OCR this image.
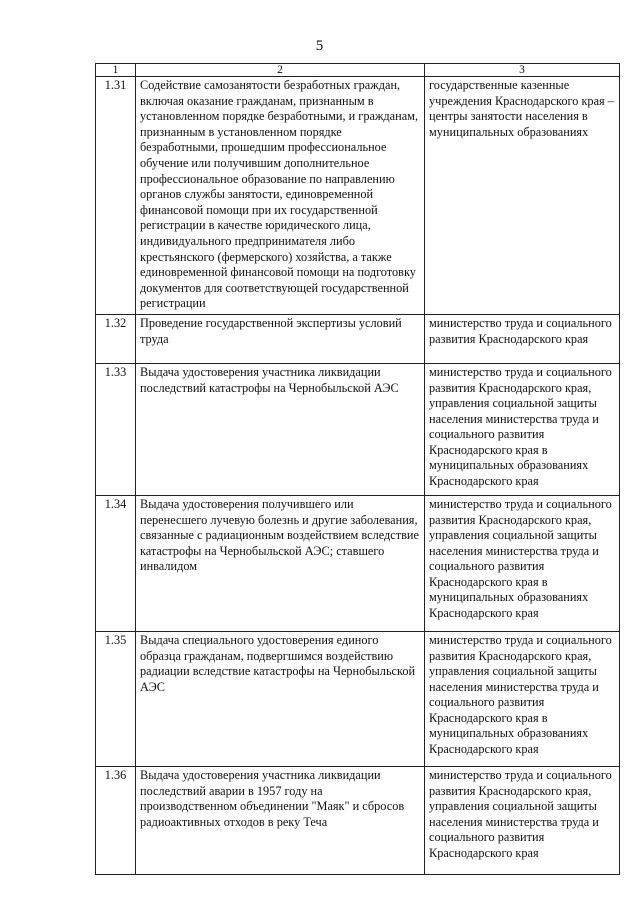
5
1	2	3
1.31	Содействие самозанятости безработных граждан, включая оказание гражданам, признанным в установленном порядке безработными, и гражданам, признанным в установленном порядке безработными, прошедшим профессиональное обучение или получившим дополнительное профессиональное образование по направлению органов службы занятости, единовременной финансовой помощи при их государственной регистрации в качестве юридического лица, индивидуального предпринимателя либо крестьянского (фермерского) хозяйства, а также единовременной финансовой помощи на подготовку документов для соответствующей государственной регистрации	государственные казенные учреждения Краснодарского края – центры занятости населения в муниципальных образованиях
1.32	Проведение государственной экспертизы условий труда	министерство труда и социального развития Краснодарского края
1.33	Выдача удостоверения участника ликвидации последствий катастрофы на Чернобыльской АЭС	министерство труда и социального развития Краснодарского края, управления социальной защиты населения министерства труда и социального развития Краснодарского края в муниципальных образованиях Краснодарского края
1.34	Выдача удостоверения получившего или перенесшего лучевую болезнь и другие заболевания, связанные с радиационным воздействием вследствие катастрофы на Чернобыльской АЭС; ставшего инвалидом	министерство труда и социального развития Краснодарского края, управления социальной защиты населения министерства труда и социального развития Краснодарского края в муниципальных образованиях Краснодарского края
1.35	Выдача специального удостоверения единого образца гражданам, подвергшимся воздействию радиации вследствие катастрофы на Чернобыльской АЭС	министерство труда и социального развития Краснодарского края, управления социальной защиты населения министерства труда и социального развития Краснодарского края в муниципальных образованиях Краснодарского края
1.36	Выдача удостоверения участника ликвидации последствий аварии в 1957 году на производственном объединении "Маяк" и сбросов радиоактивных отходов в реку Теча	министерство труда и социального развития Краснодарского края, управления социальной защиты населения министерства труда и социального развития Краснодарского края
